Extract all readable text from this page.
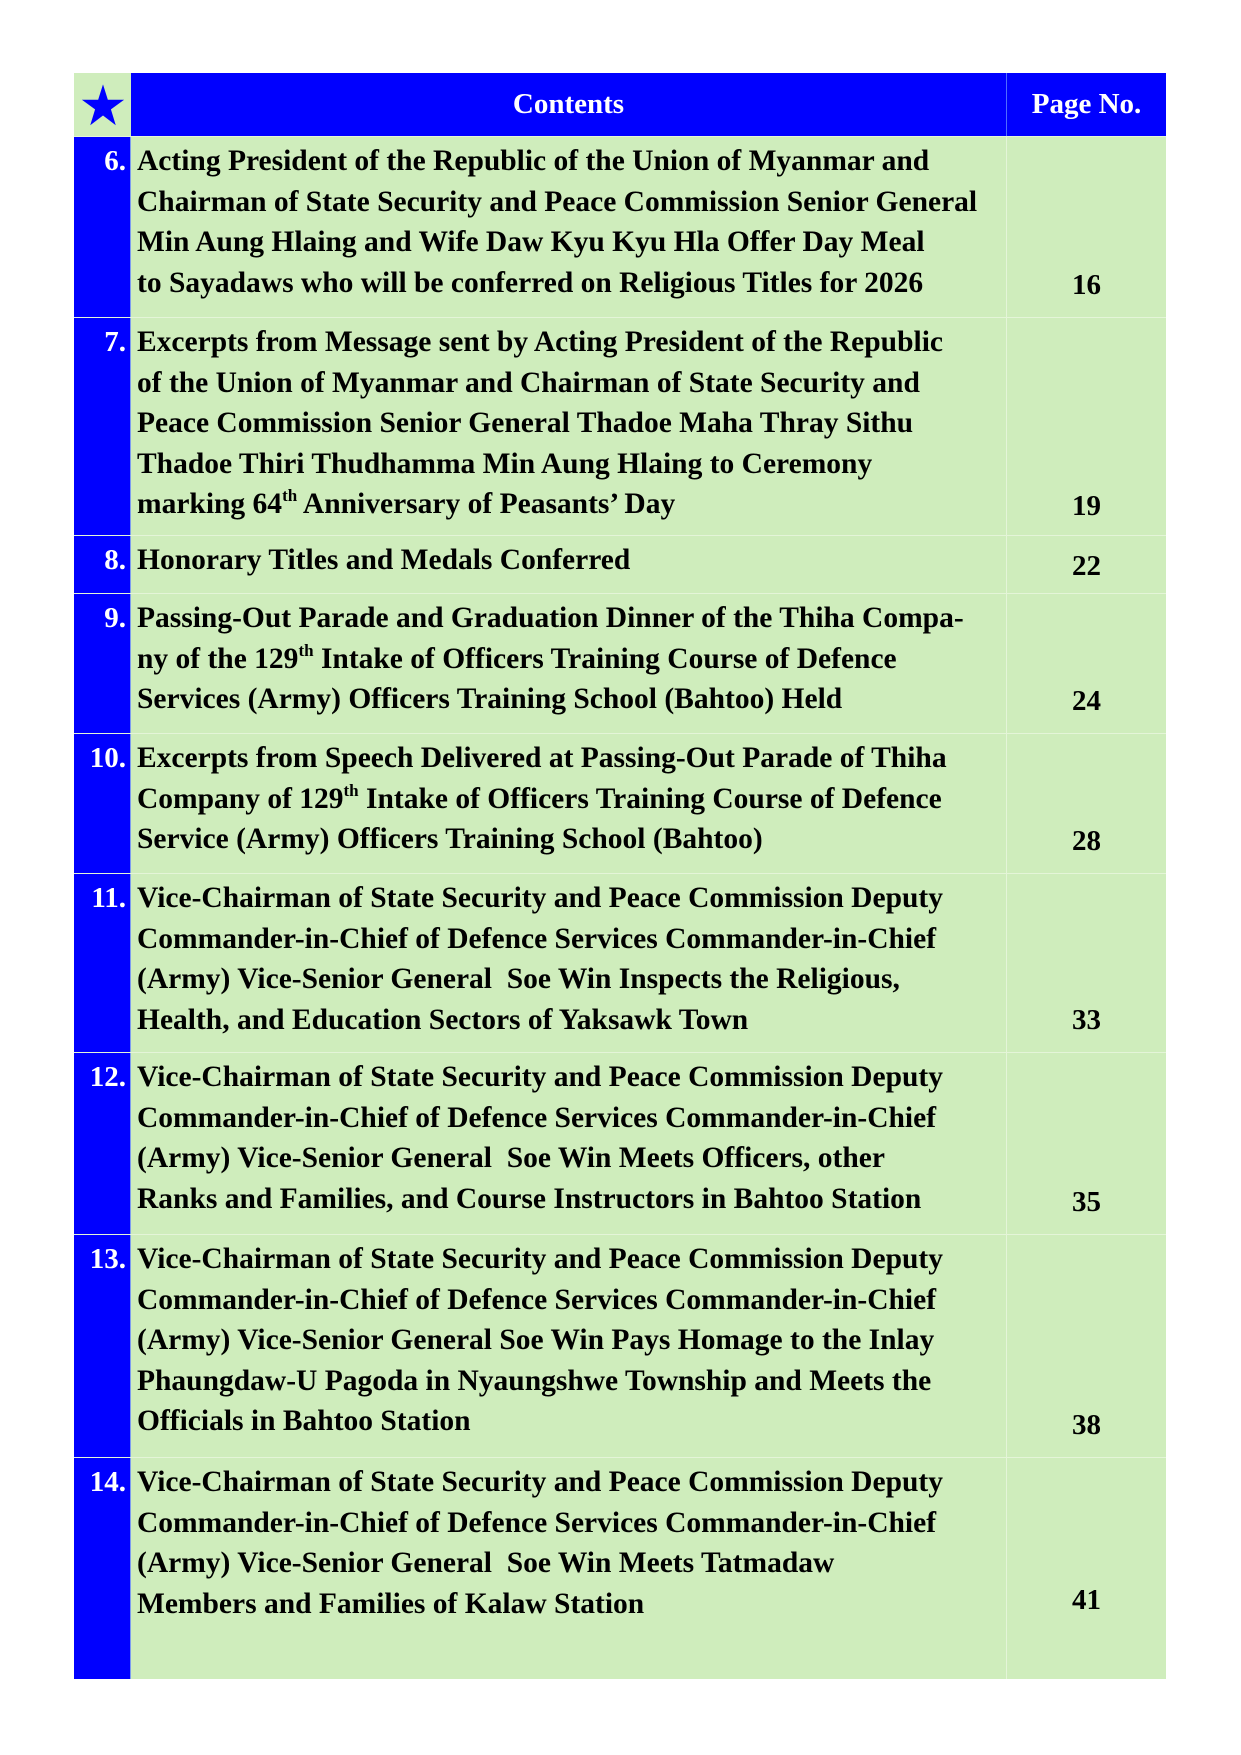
Contents	Page No.
6. Acting President of the Republic of the Union of Myanmar and
Chairman of State Security and Peace Commission Senior General
Min Aung Hlaing and Wife Daw Kyu Kyu Hla Offer Day Meal
to Sayadaws who will be conferred on Religious Titles for 2026	16
7. Excerpts from Message sent by Acting President of the Republic
of the Union of Myanmar and Chairman of State Security and
Peace Commission Senior General Thadoe Maha Thray Sithu
Thadoe Thiri Thudhamma Min Aung Hlaing to Ceremony
marking 64th Anniversary of Peasants’ Day	19
8. Honorary Titles and Medals Conferred	22
9. Passing-Out Parade and Graduation Dinner of the Thiha Compa-
ny of the 129th Intake of Officers Training Course of Defence
Services (Army) Officers Training School (Bahtoo) Held	24
10. Excerpts from Speech Delivered at Passing-Out Parade of Thiha
Company of 129th Intake of Officers Training Course of Defence
Service (Army) Officers Training School (Bahtoo)	28
11. Vice-Chairman of State Security and Peace Commission Deputy
Commander-in-Chief of Defence Services Commander-in-Chief
(Army) Vice-Senior General  Soe Win Inspects the Religious,
Health, and Education Sectors of Yaksawk Town	33
12. Vice-Chairman of State Security and Peace Commission Deputy
Commander-in-Chief of Defence Services Commander-in-Chief
(Army) Vice-Senior General  Soe Win Meets Officers, other
Ranks and Families, and Course Instructors in Bahtoo Station	35
13. Vice-Chairman of State Security and Peace Commission Deputy
Commander-in-Chief of Defence Services Commander-in-Chief
(Army) Vice-Senior General Soe Win Pays Homage to the Inlay
Phaungdaw-U Pagoda in Nyaungshwe Township and Meets the
Officials in Bahtoo Station	38
14. Vice-Chairman of State Security and Peace Commission Deputy
Commander-in-Chief of Defence Services Commander-in-Chief
(Army) Vice-Senior General  Soe Win Meets Tatmadaw
Members and Families of Kalaw Station	41
